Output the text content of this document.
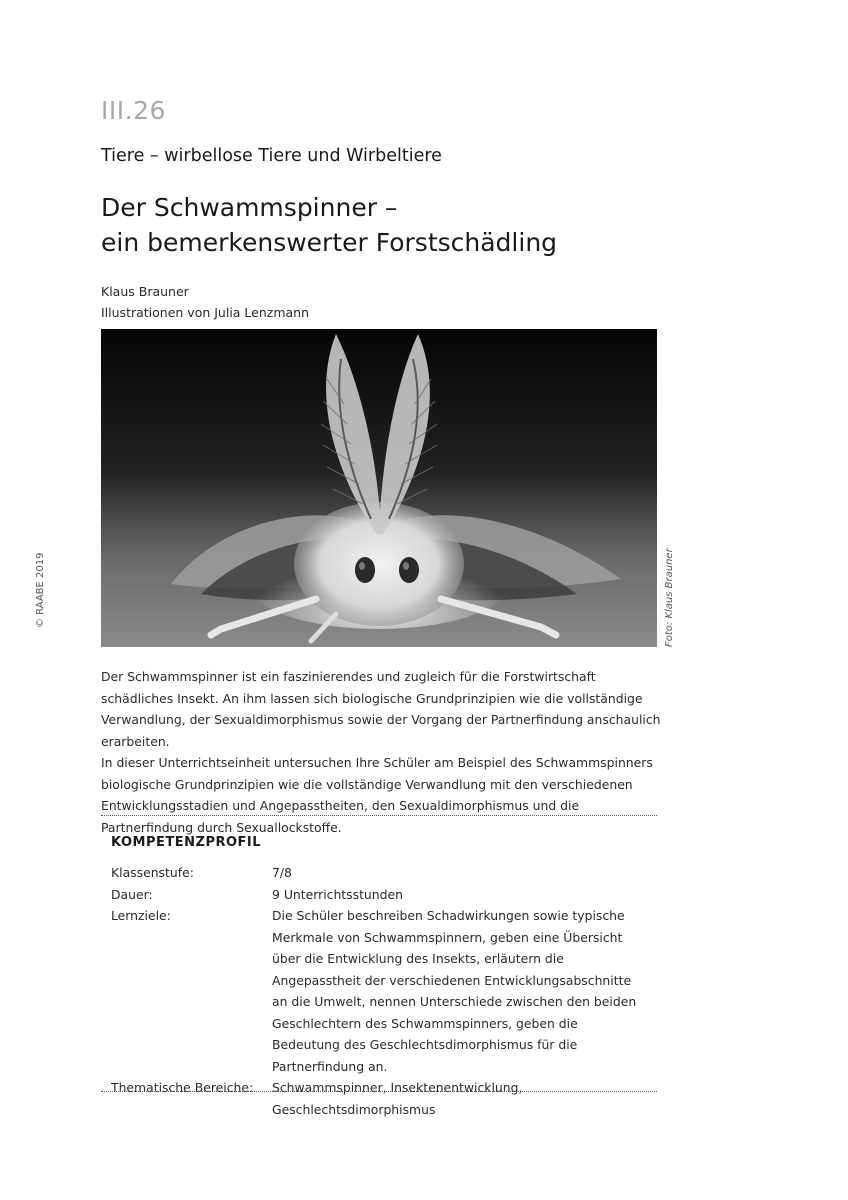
III.26
Tiere – wirbellose Tiere und Wirbeltiere
Der Schwammspinner –
ein bemerkenswerter Forstschädling
Klaus Brauner
Illustrationen von Julia Lenzmann
Foto: Klaus Brauner
© RAABE 2019

Der Schwammspinner ist ein faszinierendes und zugleich für die Forstwirtschaft schädliches Insekt. An ihm lassen sich biologische Grundprinzipien wie die vollständige Verwandlung, der Sexualdimorphismus sowie der Vorgang der Partnerfindung anschaulich erarbeiten.

In dieser Unterrichtseinheit untersuchen Ihre Schüler am Beispiel des Schwammspinners biologische Grundprinzipien wie die vollständige Verwandlung mit den verschiedenen Entwicklungsstadien und Angepasstheiten, den Sexualdimorphismus und die Partnerfindung durch Sexuallockstoffe.

KOMPETENZPROFIL
Klassenstufe:	7/8
Dauer:	9 Unterrichtsstunden
Lernziele:	Die Schüler beschreiben Schadwirkungen sowie typische Merkmale von Schwammspinnern, geben eine Übersicht über die Entwicklung des Insekts, erläutern die Angepasstheit der verschiedenen Entwicklungsabschnitte an die Umwelt, nennen Unterschiede zwischen den beiden Geschlechtern des Schwammspinners, geben die Bedeutung des Geschlechtsdimorphismus für die Partnerfindung an.
Thematische Bereiche:	Schwammspinner, Insektenentwicklung, Geschlechtsdimorphismus
